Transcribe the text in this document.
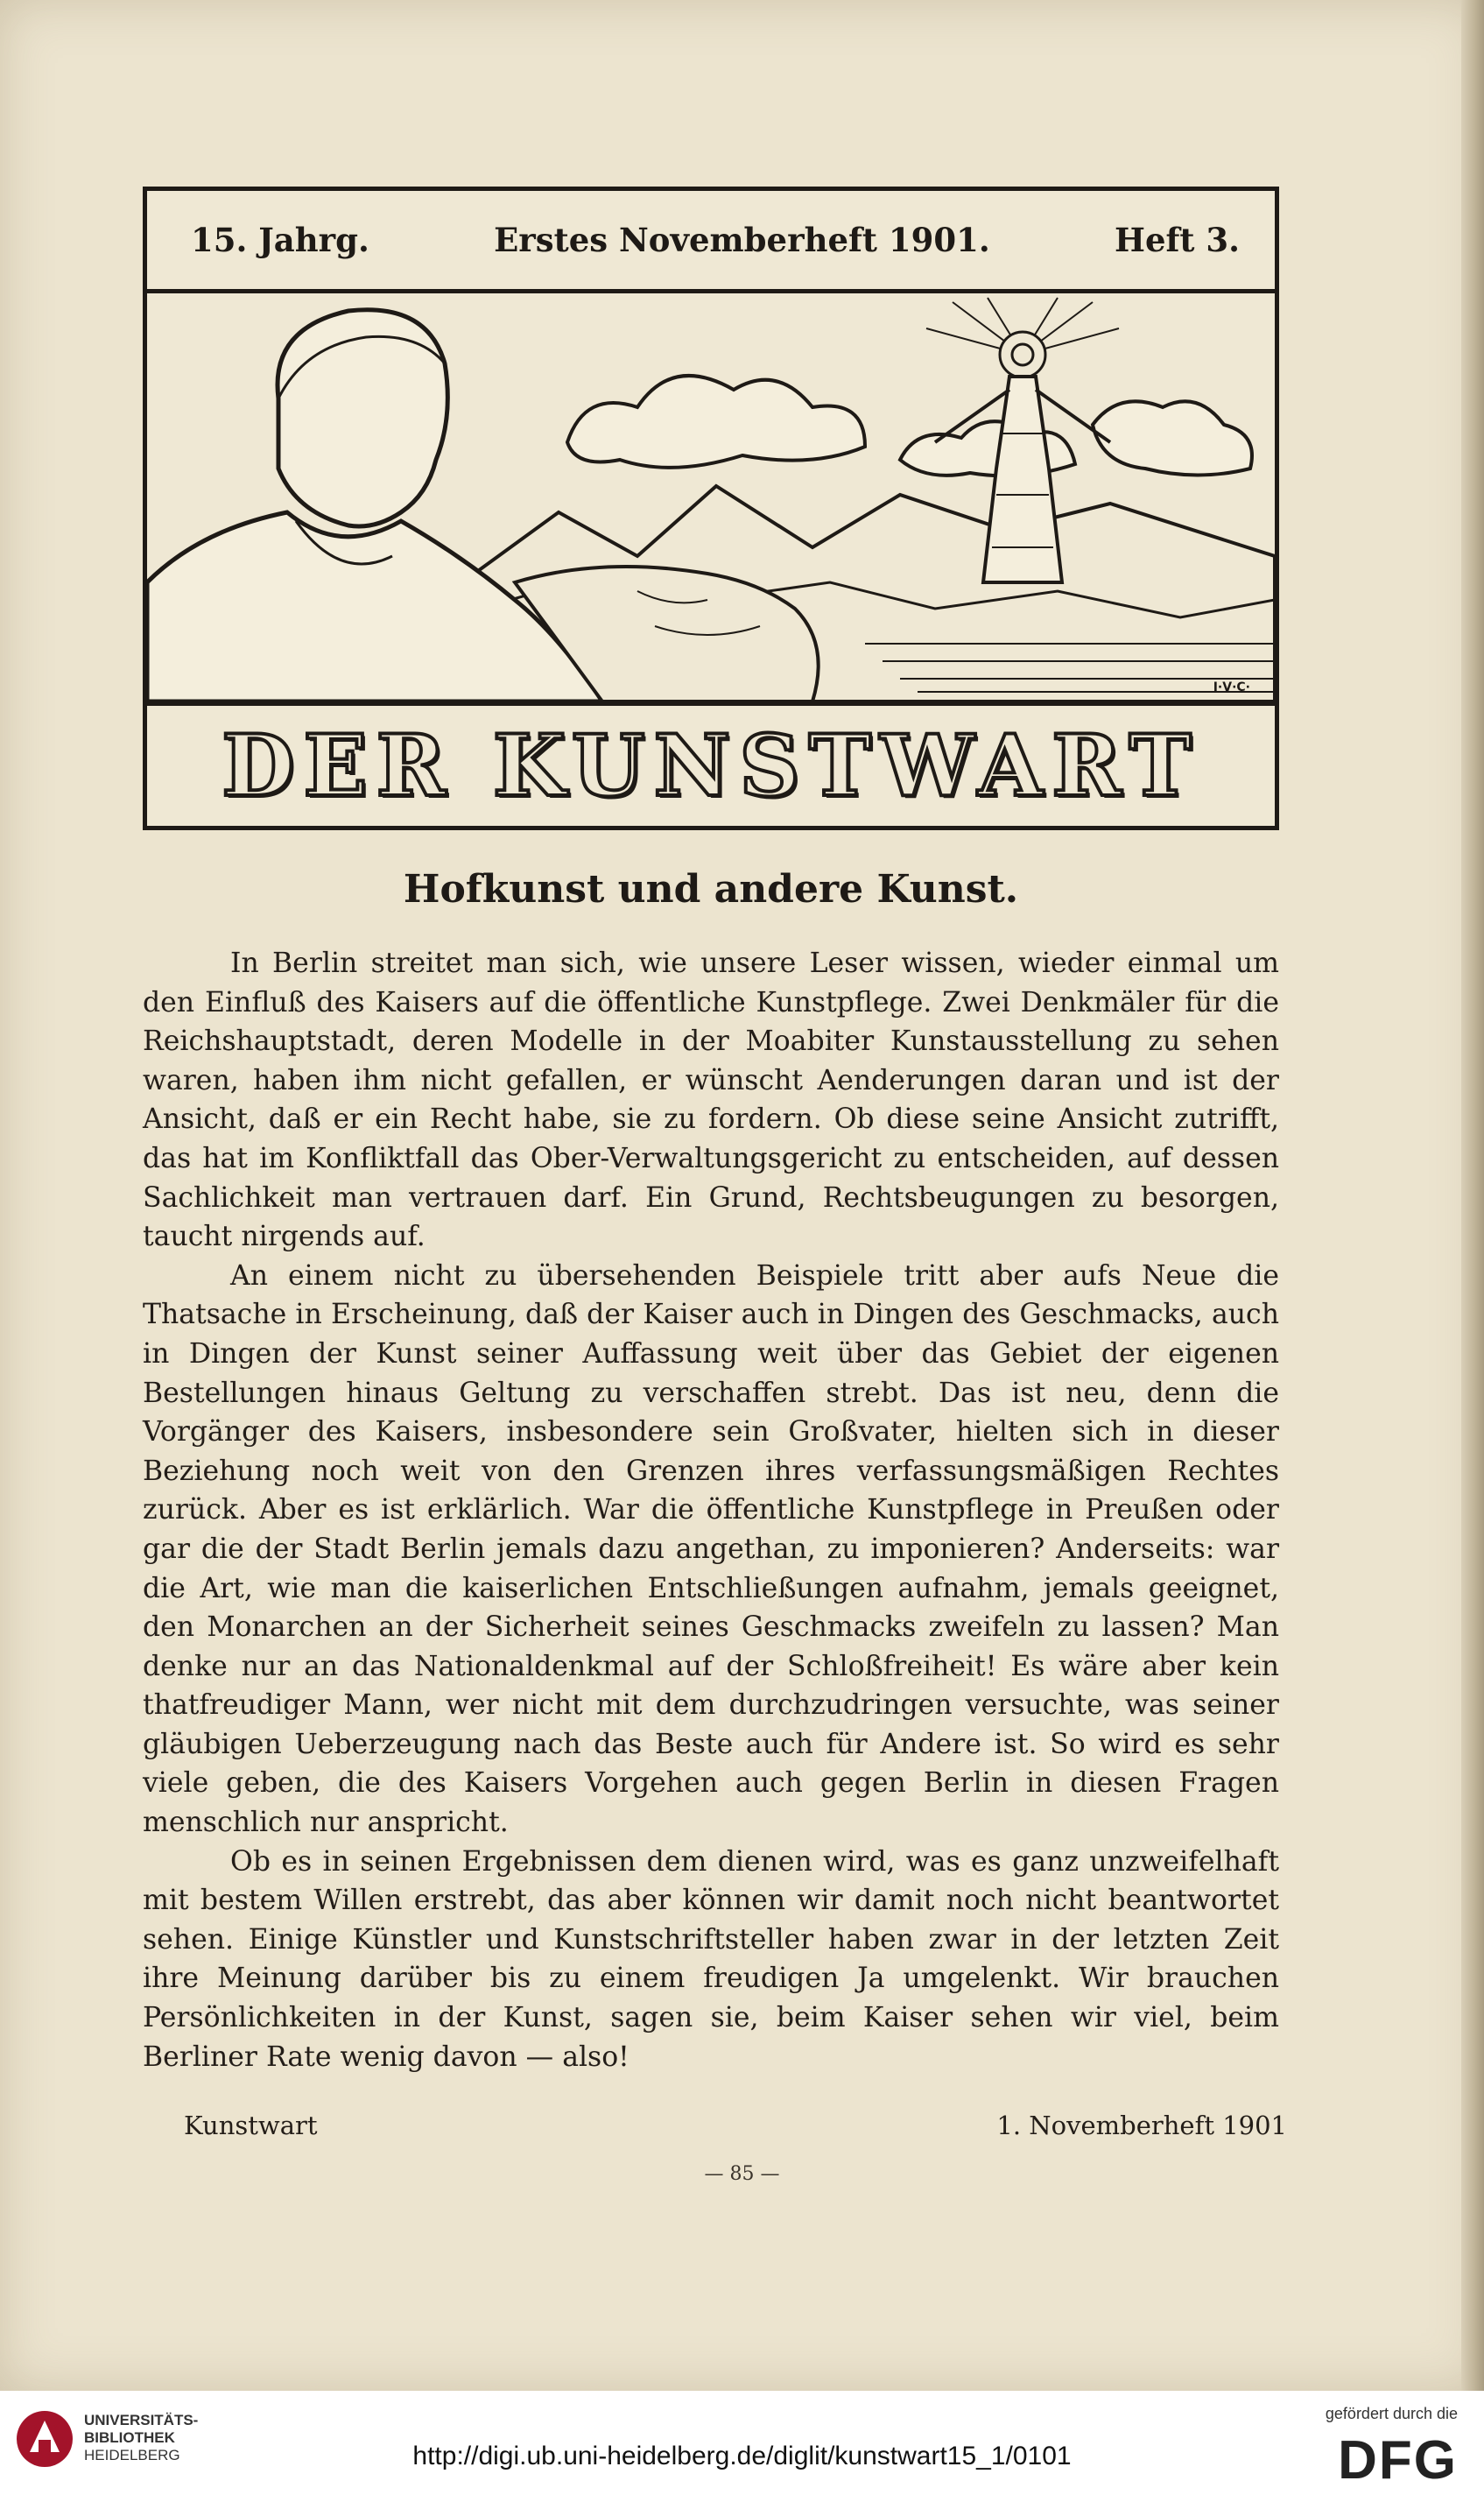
15. Jahrg.	Erstes Novemberheft 1901.	Heft 3.
I·V·C·
DER KUNSTWART
Hofkunst und andere Kunst.

In Berlin streitet man sich, wie unsere Leser wissen, wieder einmal um den Einfluß des Kaisers auf die öffentliche Kunstpflege. Zwei Denkmäler für die Reichshauptstadt, deren Modelle in der Moabiter Kunstausstellung zu sehen waren, haben ihm nicht gefallen, er wünscht Aenderungen daran und ist der Ansicht, daß er ein Recht habe, sie zu fordern. Ob diese seine Ansicht zutrifft, das hat im Konfliktfall das Ober-Verwaltungsgericht zu entscheiden, auf dessen Sachlichkeit man vertrauen darf. Ein Grund, Rechtsbeugungen zu besorgen, taucht nirgends auf.

An einem nicht zu übersehenden Beispiele tritt aber aufs Neue die Thatsache in Erscheinung, daß der Kaiser auch in Dingen des Geschmacks, auch in Dingen der Kunst seiner Auffassung weit über das Gebiet der eigenen Bestellungen hinaus Geltung zu verschaffen strebt. Das ist neu, denn die Vorgänger des Kaisers, insbesondere sein Großvater, hielten sich in dieser Beziehung noch weit von den Grenzen ihres verfassungsmäßigen Rechtes zurück. Aber es ist erklärlich. War die öffentliche Kunstpflege in Preußen oder gar die der Stadt Berlin jemals dazu angethan, zu imponieren? Anderseits: war die Art, wie man die kaiserlichen Entschließungen aufnahm, jemals geeignet, den Monarchen an der Sicherheit seines Geschmacks zweifeln zu lassen? Man denke nur an das Nationaldenkmal auf der Schloßfreiheit! Es wäre aber kein thatfreudiger Mann, wer nicht mit dem durchzudringen versuchte, was seiner gläubigen Ueberzeugung nach das Beste auch für Andere ist. So wird es sehr viele geben, die des Kaisers Vorgehen auch gegen Berlin in diesen Fragen menschlich nur anspricht.

Ob es in seinen Ergebnissen dem dienen wird, was es ganz unzweifelhaft mit bestem Willen erstrebt, das aber können wir damit noch nicht beantwortet sehen. Einige Künstler und Kunstschriftsteller haben zwar in der letzten Zeit ihre Meinung darüber bis zu einem freudigen Ja umgelenkt. Wir brauchen Persönlichkeiten in der Kunst, sagen sie, beim Kaiser sehen wir viel, beim Berliner Rate wenig davon — also!

Kunstwart	1. Novemberheft 1901
— 85 —
UNIVERSITÄTS-
BIBLIOTHEK
HEIDELBERG	http://digi.ub.uni-heidelberg.de/diglit/kunstwart15_1/0101
gefördert durch die
DFG
